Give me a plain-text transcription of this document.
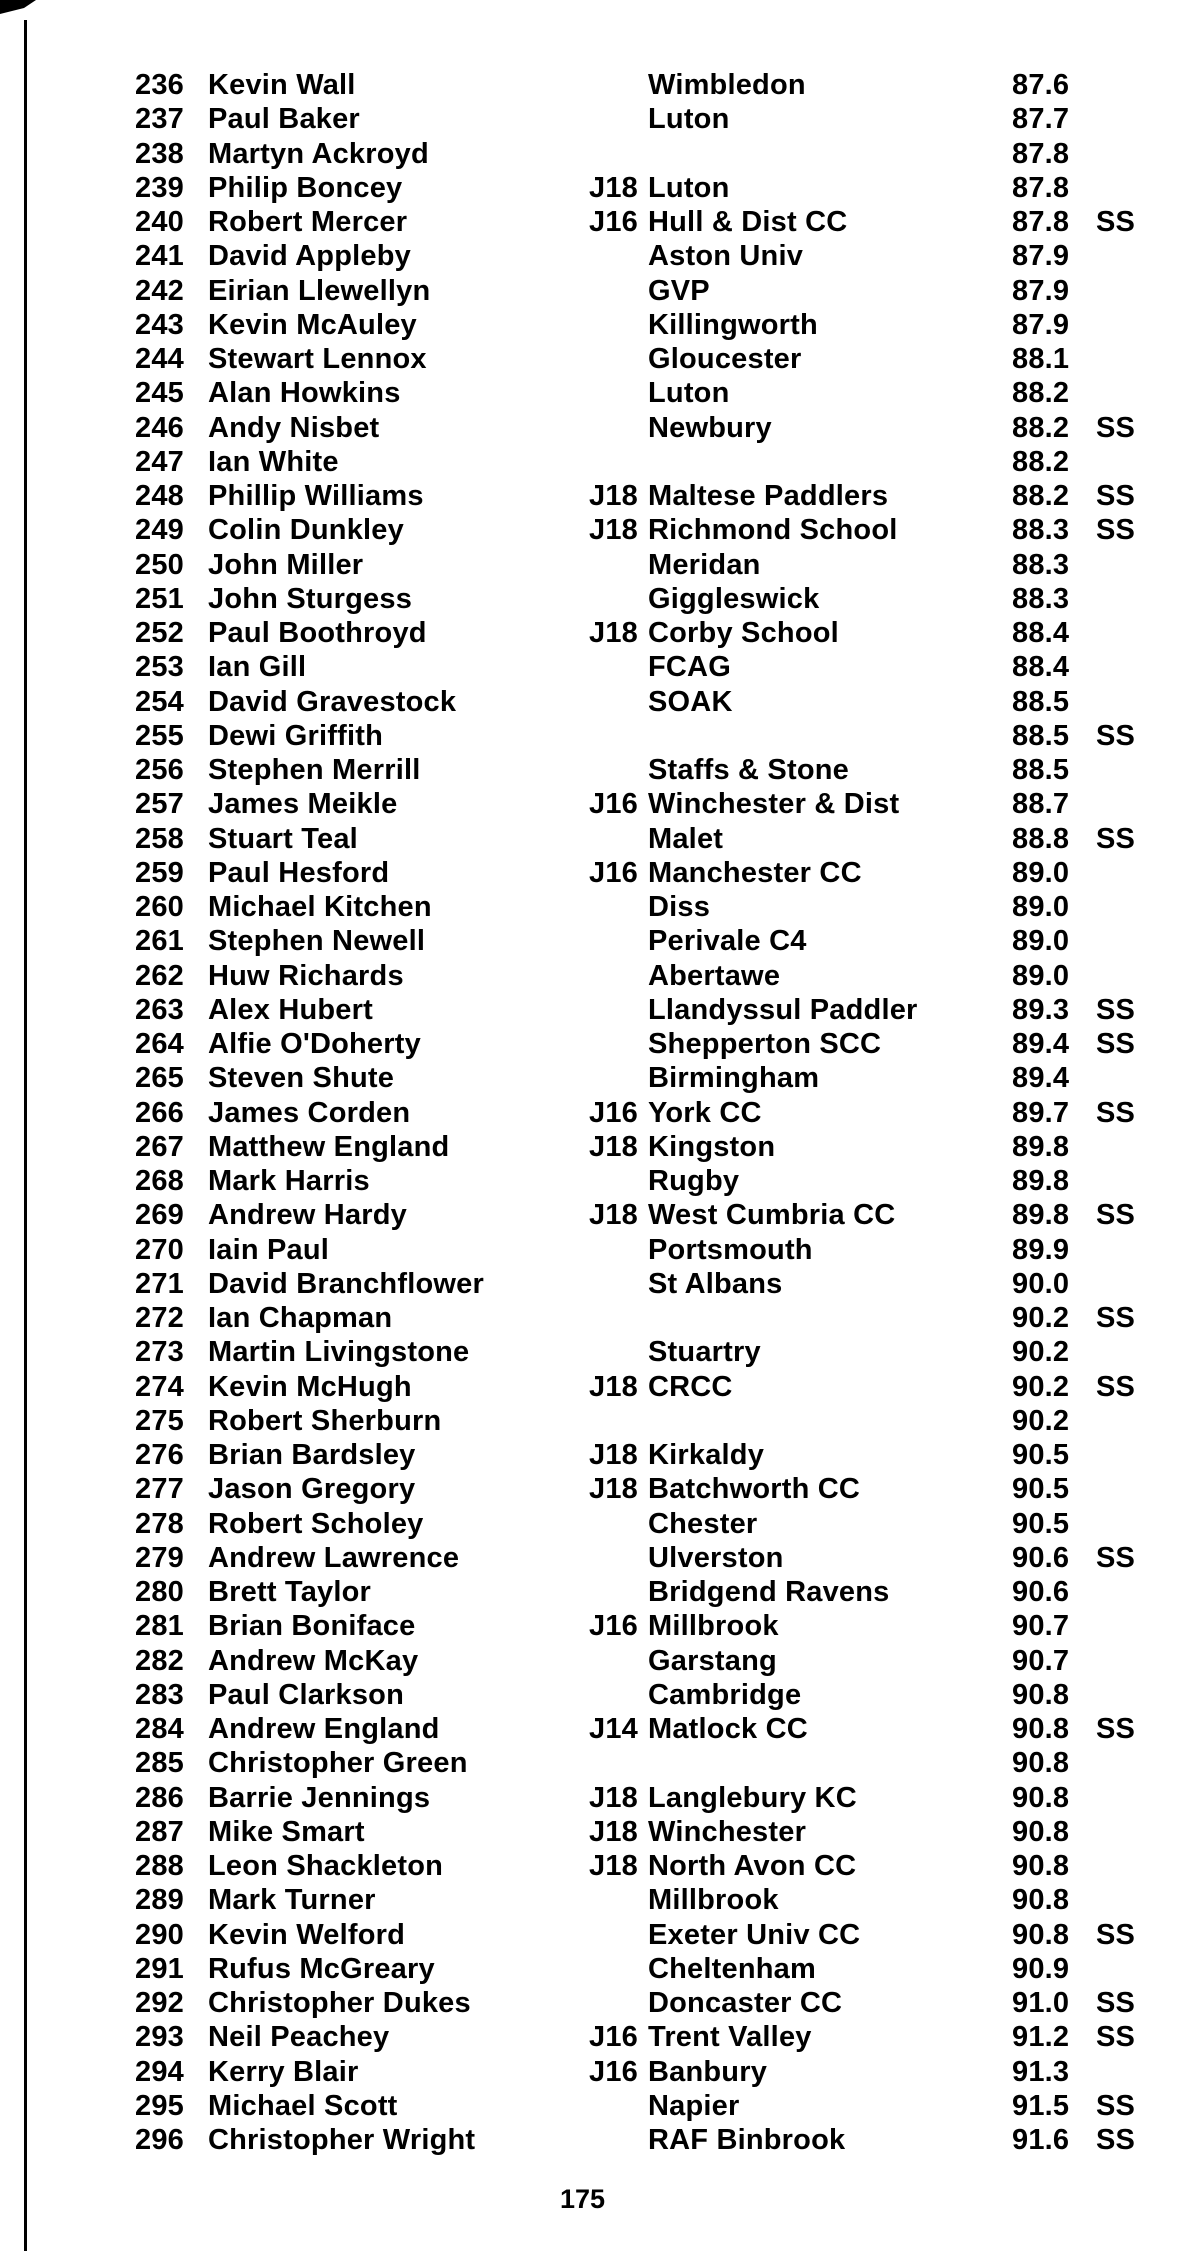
236 Kevin Wall	Wimbledon	87.6
237 Paul Baker	Luton	87.7
238 Martyn Ackroyd	87.8
239 Philip Boncey	J18 Luton	87.8
240 Robert Mercer	J16 Hull & Dist CC	87.8 SS
241 David Appleby	Aston Univ	87.9
242 Eirian Llewellyn	GVP	87.9
243 Kevin McAuley	Killingworth	87.9
244 Stewart Lennox	Gloucester	88.1
245 Alan Howkins	Luton	88.2
246 Andy Nisbet	Newbury	88.2 SS
247 Ian White	88.2
248 Phillip Williams	J18 Maltese Paddlers	88.2 SS
249 Colin Dunkley	J18 Richmond School	88.3 SS
250 John Miller	Meridan	88.3
251 John Sturgess	Giggleswick	88.3
252 Paul Boothroyd	J18 Corby School	88.4
253 Ian Gill	FCAG	88.4
254 David Gravestock	SOAK	88.5
255 Dewi Griffith	88.5 SS
256 Stephen Merrill	Staffs & Stone	88.5
257 James Meikle	J16 Winchester & Dist	88.7
258 Stuart Teal	Malet	88.8 SS
259 Paul Hesford	J16 Manchester CC	89.0
260 Michael Kitchen	Diss	89.0
261 Stephen Newell	Perivale C4	89.0
262 Huw Richards	Abertawe	89.0
263 Alex Hubert	Llandyssul Paddler	89.3 SS
264 Alfie O'Doherty	Shepperton SCC	89.4 SS
265 Steven Shute	Birmingham	89.4
266 James Corden	J16 York CC	89.7 SS
267 Matthew England	J18 Kingston	89.8
268 Mark Harris	Rugby	89.8
269 Andrew Hardy	J18 West Cumbria CC	89.8 SS
270 Iain Paul	Portsmouth	89.9
271 David Branchflower	St Albans	90.0
272 Ian Chapman	90.2 SS
273 Martin Livingstone	Stuartry	90.2
274 Kevin McHugh	J18 CRCC	90.2 SS
275 Robert Sherburn	90.2
276 Brian Bardsley	J18 Kirkaldy	90.5
277 Jason Gregory	J18 Batchworth CC	90.5
278 Robert Scholey	Chester	90.5
279 Andrew Lawrence	Ulverston	90.6 SS
280 Brett Taylor	Bridgend Ravens	90.6
281 Brian Boniface	J16 Millbrook	90.7
282 Andrew McKay	Garstang	90.7
283 Paul Clarkson	Cambridge	90.8
284 Andrew England	J14 Matlock CC	90.8 SS
285 Christopher Green	90.8
286 Barrie Jennings	J18 Langlebury KC	90.8
287 Mike Smart	J18 Winchester	90.8
288 Leon Shackleton	J18 North Avon CC	90.8
289 Mark Turner	Millbrook	90.8
290 Kevin Welford	Exeter Univ CC	90.8 SS
291 Rufus McGreary	Cheltenham	90.9
292 Christopher Dukes	Doncaster CC	91.0 SS
293 Neil Peachey	J16 Trent Valley	91.2 SS
294 Kerry Blair	J16 Banbury	91.3
295 Michael Scott	Napier	91.5 SS
296 Christopher Wright	RAF Binbrook	91.6 SS
175
